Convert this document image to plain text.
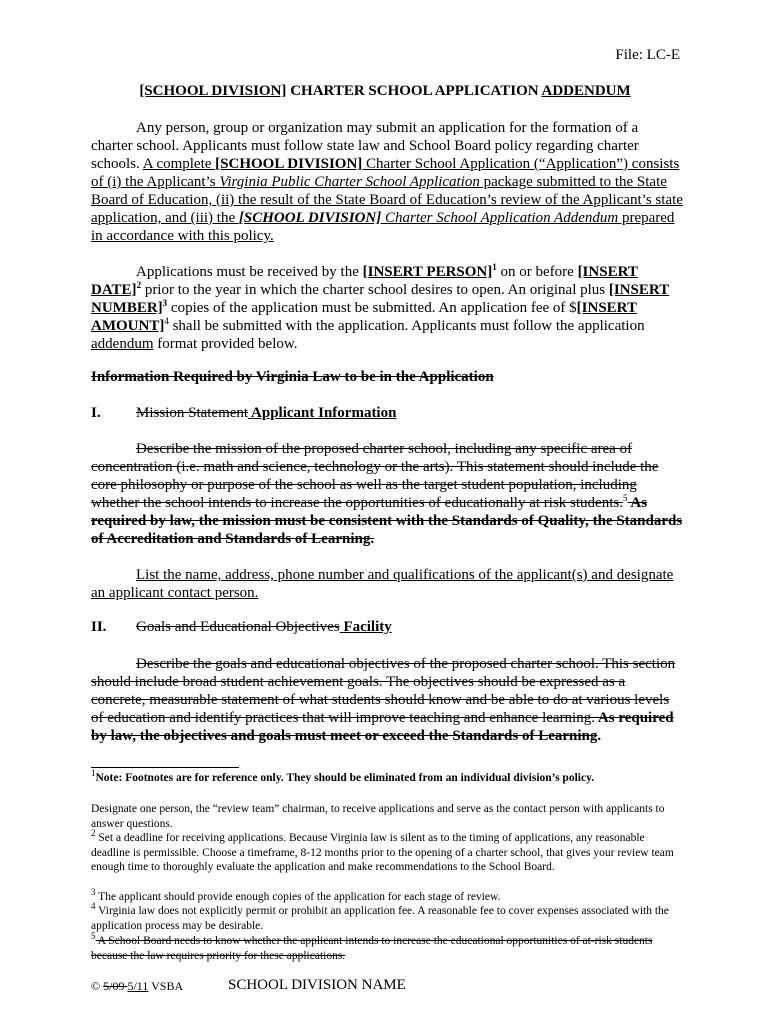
File: LC-E
[SCHOOL DIVISION] CHARTER SCHOOL APPLICATION ADDENDUM
Any person, group or organization may submit an application for the formation of a charter school. Applicants must follow state law and School Board policy regarding charter schools. A complete [SCHOOL DIVISION] Charter School Application (“Application”) consists of (i) the Applicant’s Virginia Public Charter School Application package submitted to the State Board of Education, (ii) the result of the State Board of Education’s review of the Applicant’s state application, and (iii) the [SCHOOL DIVISION] Charter School Application Addendum prepared in accordance with this policy.
Applications must be received by the [INSERT PERSON]$^1$ on or before [INSERT DATE]$^2$ prior to the year in which the charter school desires to open. An original plus [INSERT NUMBER]$^3$ copies of the application must be submitted. An application fee of $[INSERT AMOUNT]$^4$ shall be submitted with the application. Applicants must follow the application addendum format provided below.
Information Required by Virginia Law to be in the Application
I. Mission Statement Applicant Information
Describe the mission of the proposed charter school, including any specific area of concentration (i.e. math and science, technology or the arts). This statement should include the core philosophy or purpose of the school as well as the target student population, including whether the school intends to increase the opportunities of educationally at risk students.$^5$ As required by law, the mission must be consistent with the Standards of Quality, the Standards of Accreditation and Standards of Learning.
List the name, address, phone number and qualifications of the applicant(s) and designate an applicant contact person.
II. Goals and Educational Objectives Facility
Describe the goals and educational objectives of the proposed charter school. This section should include broad student achievement goals. The objectives should be expressed as a concrete, measurable statement of what students should know and be able to do at various levels of education and identify practices that will improve teaching and enhance learning. As required by law, the objectives and goals must meet or exceed the Standards of Learning.
$^1$Note: Footnotes are for reference only. They should be eliminated from an individual division’s policy.
Designate one person, the “review team” chairman, to receive applications and serve as the contact person with applicants to answer questions.
$^2$ Set a deadline for receiving applications. Because Virginia law is silent as to the timing of applications, any reasonable deadline is permissible. Choose a timeframe, 8-12 months prior to the opening of a charter school, that gives your review team enough time to thoroughly evaluate the application and make recommendations to the School Board.
$^3$ The applicant should provide enough copies of the application for each stage of review.
$^4$ Virginia law does not explicitly permit or prohibit an application fee. A reasonable fee to cover expenses associated with the application process may be desirable.
$^5$ A School Board needs to know whether the applicant intends to increase the educational opportunities of at-risk students because the law requires priority for these applications.
© 5/09 5/11 VSBA	SCHOOL DIVISION NAME
